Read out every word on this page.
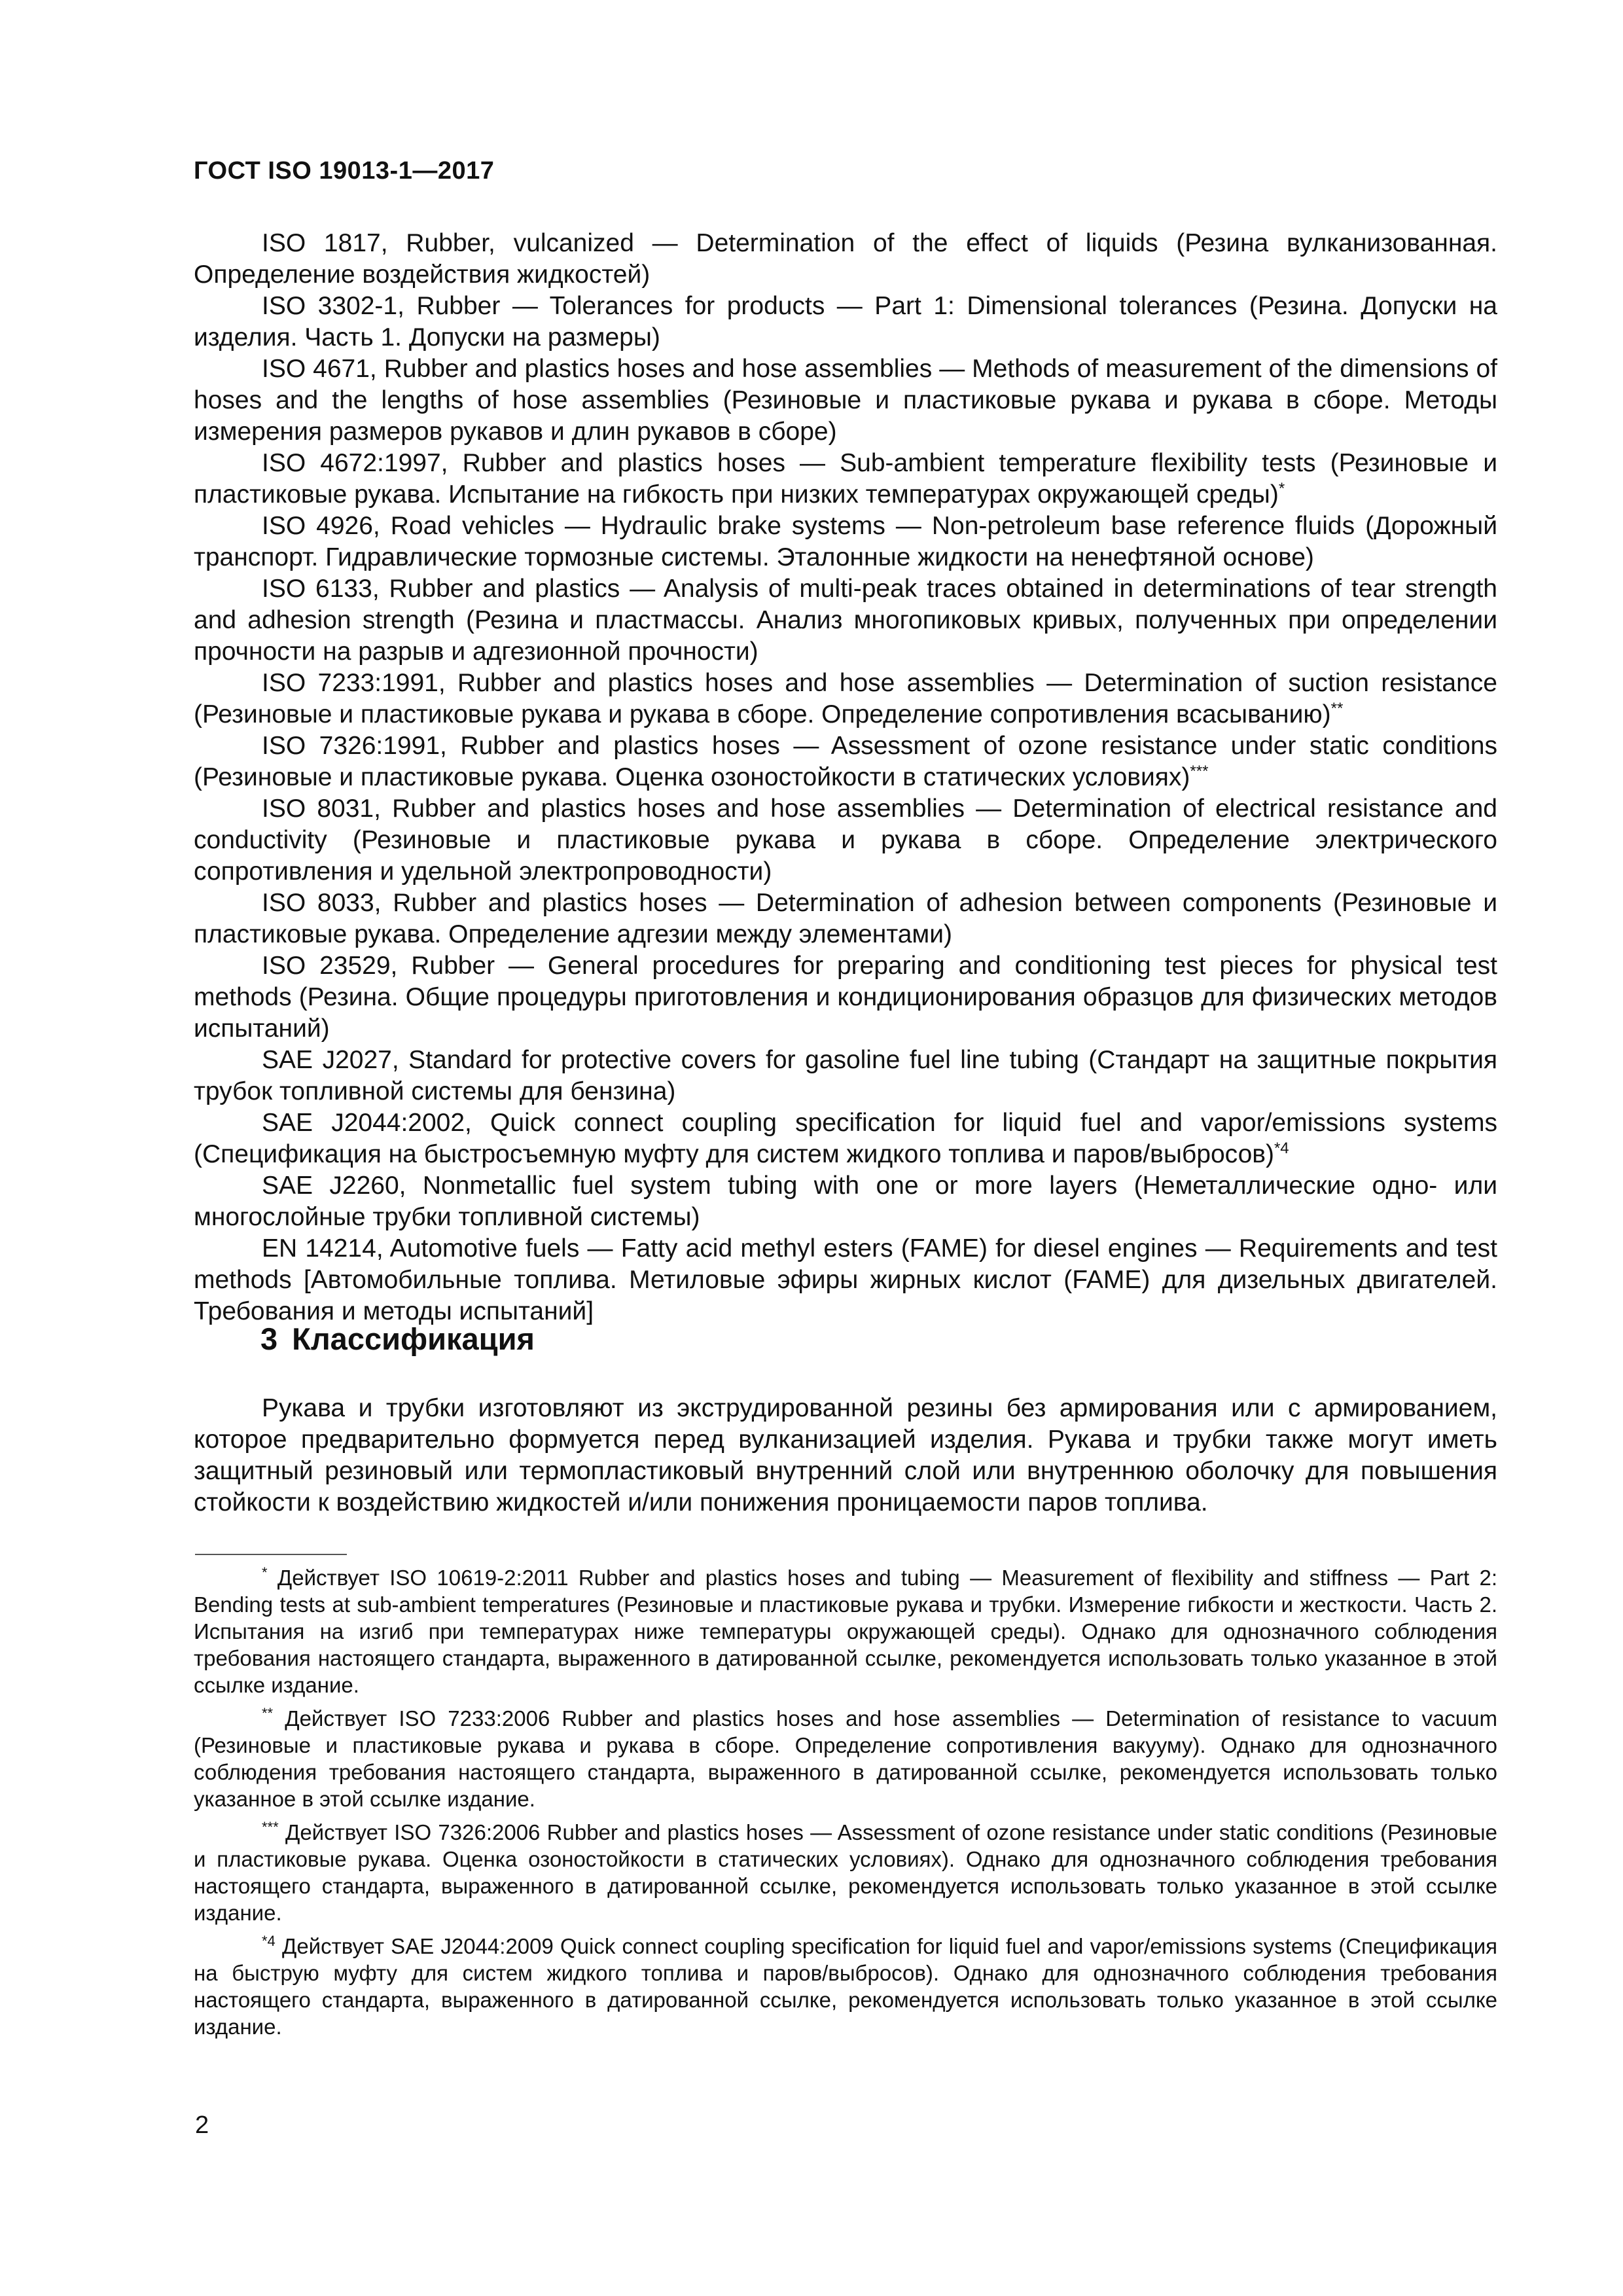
ГОСТ ISO 19013-1—2017

ISO 1817, Rubber, vulcanized — Determination of the effect of liquids (Резина вулканизованная. Определение воздействия жидкостей)

ISO 3302-1, Rubber — Tolerances for products — Part 1: Dimensional tolerances (Резина. Допуски на изделия. Часть 1. Допуски на размеры)

ISO 4671, Rubber and plastics hoses and hose assemblies — Methods of measurement of the dimensions of hoses and the lengths of hose assemblies (Резиновые и пластиковые рукава и рукава в сборе. Методы измерения размеров рукавов и длин рукавов в сборе)

ISO 4672:1997, Rubber and plastics hoses — Sub-ambient temperature flexibility tests (Резиновые и пластиковые рукава. Испытание на гибкость при низких температурах окружающей среды)*

ISO 4926, Road vehicles — Hydraulic brake systems — Non-petroleum base reference fluids (Дорожный транспорт. Гидравлические тормозные системы. Эталонные жидкости на ненефтяной основе)

ISO 6133, Rubber and plastics — Analysis of multi-peak traces obtained in determinations of tear strength and adhesion strength (Резина и пластмассы. Анализ многопиковых кривых, полученных при определении прочности на разрыв и адгезионной прочности)

ISO 7233:1991, Rubber and plastics hoses and hose assemblies — Determination of suction resistance (Резиновые и пластиковые рукава и рукава в сборе. Определение сопротивления всасыванию)**

ISO 7326:1991, Rubber and plastics hoses — Assessment of ozone resistance under static conditions (Резиновые и пластиковые рукава. Оценка озоностойкости в статических условиях)***

ISO 8031, Rubber and plastics hoses and hose assemblies — Determination of electrical resistance and conductivity (Резиновые и пластиковые рукава и рукава в сборе. Определение электрического сопротивления и удельной электропроводности)

ISO 8033, Rubber and plastics hoses — Determination of adhesion between components (Резиновые и пластиковые рукава. Определение адгезии между элементами)

ISO 23529, Rubber — General procedures for preparing and conditioning test pieces for physical test methods (Резина. Общие процедуры приготовления и кондиционирования образцов для физических методов испытаний)

SAE J2027, Standard for protective covers for gasoline fuel line tubing (Стандарт на защитные покрытия трубок топливной системы для бензина)

SAE J2044:2002, Quick connect coupling specification for liquid fuel and vapor/emissions systems (Спецификация на быстросъемную муфту для систем жидкого топлива и паров/выбросов)$^{*4}$

SAE J2260, Nonmetallic fuel system tubing with one or more layers (Неметаллические одно- или многослойные трубки топливной системы)

EN 14214, Automotive fuels — Fatty acid methyl esters (FAME) for diesel engines — Requirements and test methods [Автомобильные топлива. Метиловые эфиры жирных кислот (FAME) для дизельных двигателей. Требования и методы испытаний]

3 Классификация

Рукава и трубки изготовляют из экструдированной резины без армирования или с армированием, которое предварительно формуется перед вулканизацией изделия. Рукава и трубки также могут иметь защитный резиновый или термопластиковый внутренний слой или внутреннюю оболочку для повышения стойкости к воздействию жидкостей и/или понижения проницаемости паров топлива.

* Действует ISO 10619-2:2011 Rubber and plastics hoses and tubing — Measurement of flexibility and stiffness — Part 2: Bending tests at sub-ambient temperatures (Резиновые и пластиковые рукава и трубки. Измерение гибкости и жесткости. Часть 2. Испытания на изгиб при температурах ниже температуры окружающей среды). Однако для однозначного соблюдения требования настоящего стандарта, выраженного в датированной ссылке, рекомендуется использовать только указанное в этой ссылке издание.

** Действует ISO 7233:2006 Rubber and plastics hoses and hose assemblies — Determination of resistance to vacuum (Резиновые и пластиковые рукава и рукава в сборе. Определение сопротивления вакууму). Однако для однозначного соблюдения требования настоящего стандарта, выраженного в датированной ссылке, рекомендуется использовать только указанное в этой ссылке издание.

*** Действует ISO 7326:2006 Rubber and plastics hoses — Assessment of ozone resistance under static conditions (Резиновые и пластиковые рукава. Оценка озоностойкости в статических условиях). Однако для однозначного соблюдения требования настоящего стандарта, выраженного в датированной ссылке, рекомендуется использовать только указанное в этой ссылке издание.

$^{*4}$ Действует SAE J2044:2009 Quick connect coupling specification for liquid fuel and vapor/emissions systems (Спецификация на быструю муфту для систем жидкого топлива и паров/выбросов). Однако для однозначного соблюдения требования настоящего стандарта, выраженного в датированной ссылке, рекомендуется использовать только указанное в этой ссылке издание.

2
